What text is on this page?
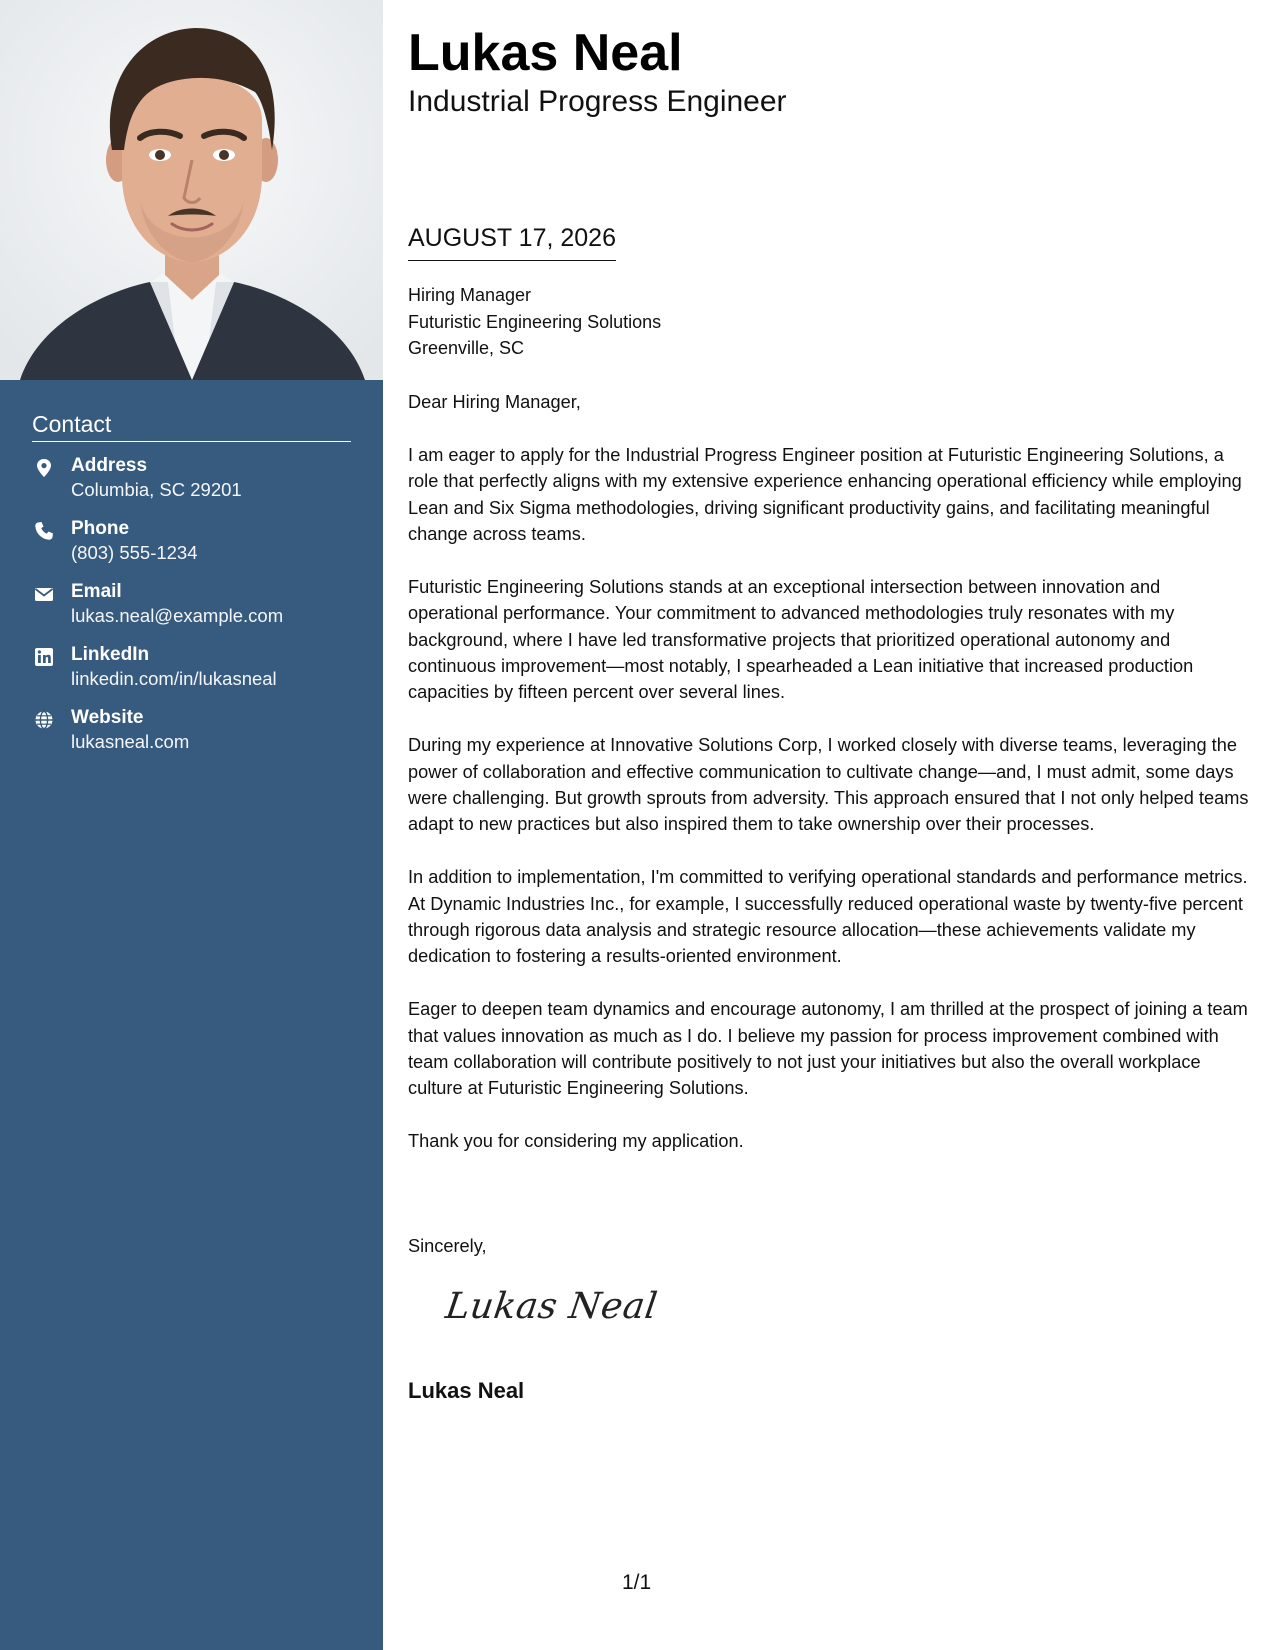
Contact
Address
Columbia, SC 29201
Phone
(803) 555-1234
Email
lukas.neal@example.com
LinkedIn
linkedin.com/in/lukasneal
Website
lukasneal.com
Lukas Neal
Industrial Progress Engineer
AUGUST 17, 2026
Hiring Manager
Futuristic Engineering Solutions
Greenville, SC

Dear Hiring Manager,

I am eager to apply for the Industrial Progress Engineer position at Futuristic Engineering Solutions, a role that perfectly aligns with my extensive experience enhancing operational efficiency while employing Lean and Six Sigma methodologies, driving significant productivity gains, and facilitating meaningful change across teams.

Futuristic Engineering Solutions stands at an exceptional intersection between innovation and operational performance. Your commitment to advanced methodologies truly resonates with my background, where I have led transformative projects that prioritized operational autonomy and continuous improvement—most notably, I spearheaded a Lean initiative that increased production capacities by fifteen percent over several lines.

During my experience at Innovative Solutions Corp, I worked closely with diverse teams, leveraging the power of collaboration and effective communication to cultivate change—and, I must admit, some days were challenging. But growth sprouts from adversity. This approach ensured that I not only helped teams adapt to new practices but also inspired them to take ownership over their processes.

In addition to implementation, I'm committed to verifying operational standards and performance metrics. At Dynamic Industries Inc., for example, I successfully reduced operational waste by twenty-five percent through rigorous data analysis and strategic resource allocation—these achievements validate my dedication to fostering a results-oriented environment.

Eager to deepen team dynamics and encourage autonomy, I am thrilled at the prospect of joining a team that values innovation as much as I do. I believe my passion for process improvement combined with team collaboration will contribute positively to not just your initiatives but also the overall workplace culture at Futuristic Engineering Solutions.

Thank you for considering my application.

Sincerely,
Lukas Neal
Lukas Neal
1/1
